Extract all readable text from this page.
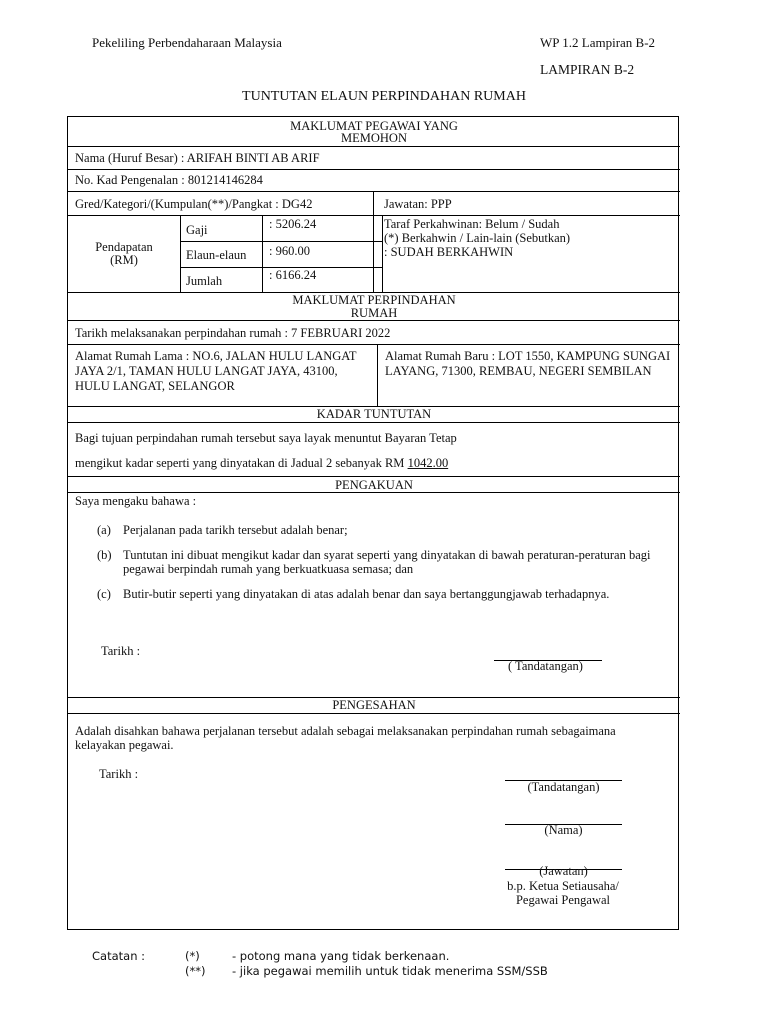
Pekeliling Perbendaharaan Malaysia	WP 1.2 Lampiran B-2
LAMPIRAN B-2
TUNTUTAN ELAUN PERPINDAHAN RUMAH
MAKLUMAT PEGAWAI YANG
MEMOHON
Nama (Huruf Besar) : ARIFAH BINTI AB ARIF
No. Kad Pengenalan : 801214146284
Gred/Kategori/(Kumpulan(**)/Pangkat : DG42	Jawatan: PPP
Pendapatan
(RM)
Gaji	: 5206.24
Elaun-elaun : 960.00
Jumlah	: 6166.24
Taraf Perkahwinan: Belum / Sudah
(*) Berkahwin / Lain-lain (Sebutkan)
: SUDAH BERKAHWIN
MAKLUMAT PERPINDAHAN
RUMAH
Tarikh melaksanakan perpindahan rumah : 7 FEBRUARI 2022
Alamat Rumah Lama : NO.6, JALAN HULU LANGAT
JAYA 2/1, TAMAN HULU LANGAT JAYA, 43100,
HULU LANGAT, SELANGOR
Alamat Rumah Baru : LOT 1550, KAMPUNG SUNGAI
LAYANG, 71300, REMBAU, NEGERI SEMBILAN
KADAR TUNTUTAN
Bagi tujuan perpindahan rumah tersebut saya layak menuntut Bayaran Tetap
mengikut kadar seperti yang dinyatakan di Jadual 2 sebanyak RM 1042.00
PENGAKUAN
Saya mengaku bahawa :
(a) Perjalanan pada tarikh tersebut adalah benar;
(b) Tuntutan ini dibuat mengikut kadar dan syarat seperti yang dinyatakan di bawah peraturan-peraturan bagi
pegawai berpindah rumah yang berkuatkuasa semasa; dan
(c) Butir-butir seperti yang dinyatakan di atas adalah benar dan saya bertanggungjawab terhadapnya.
Tarikh :
( Tandatangan)
PENGESAHAN
Adalah disahkan bahawa perjalanan tersebut adalah sebagai melaksanakan perpindahan rumah sebagaimana
kelayakan pegawai.
Tarikh :
(Tandatangan)
(Nama)
(Jawatan)
b.p. Ketua Setiausaha/
Pegawai Pengawal
Catatan :	(*)	- potong mana yang tidak berkenaan.
(**) - jika pegawai memilih untuk tidak menerima SSM/SSB
